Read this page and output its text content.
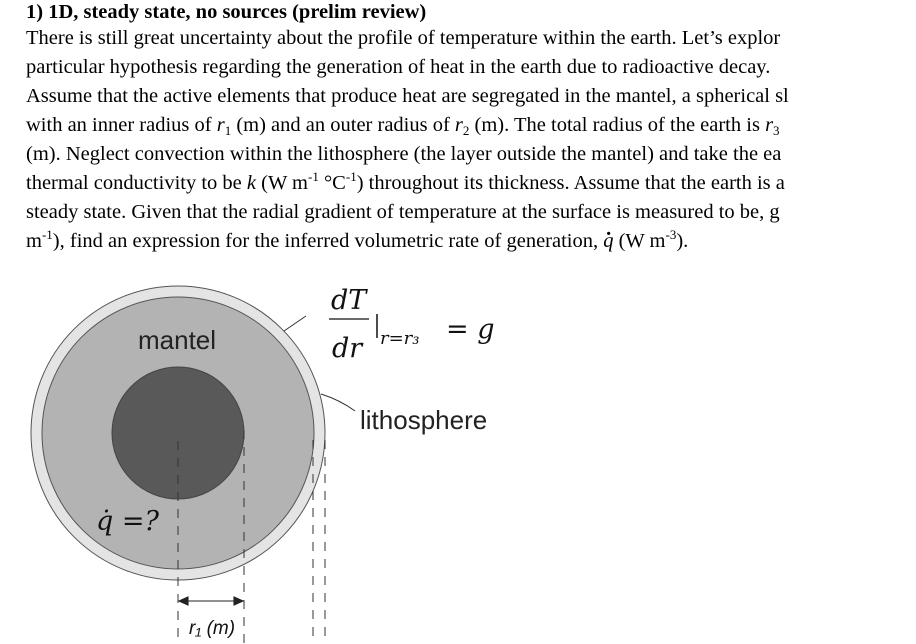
1) 1D, steady state, no sources (prelim review)
There is still great uncertainty about the profile of temperature within the earth. Let’s explor
particular hypothesis regarding the generation of heat in the earth due to radioactive decay.
Assume that the active elements that produce heat are segregated in the mantel, a spherical sl
with an inner radius of $r_1$ (m) and an outer radius of $r_2$ (m). The total radius of the earth is $r_3$
(m). Neglect convection within the lithosphere (the layer outside the mantel) and take the ea
thermal conductivity to be k (W $m^{-1}$ $^\circ C^{-1}$) throughout its thickness. Assume that the earth is a
steady state. Given that the radial gradient of temperature at the surface is measured to be, g
$m^{-1}$), find an expression for the inferred volumetric rate of generation, · q (W $m^{-3}$).
mantel
lithosphere
q̇ =?
r₁ (m)
dT
dr r=r₃ = g
